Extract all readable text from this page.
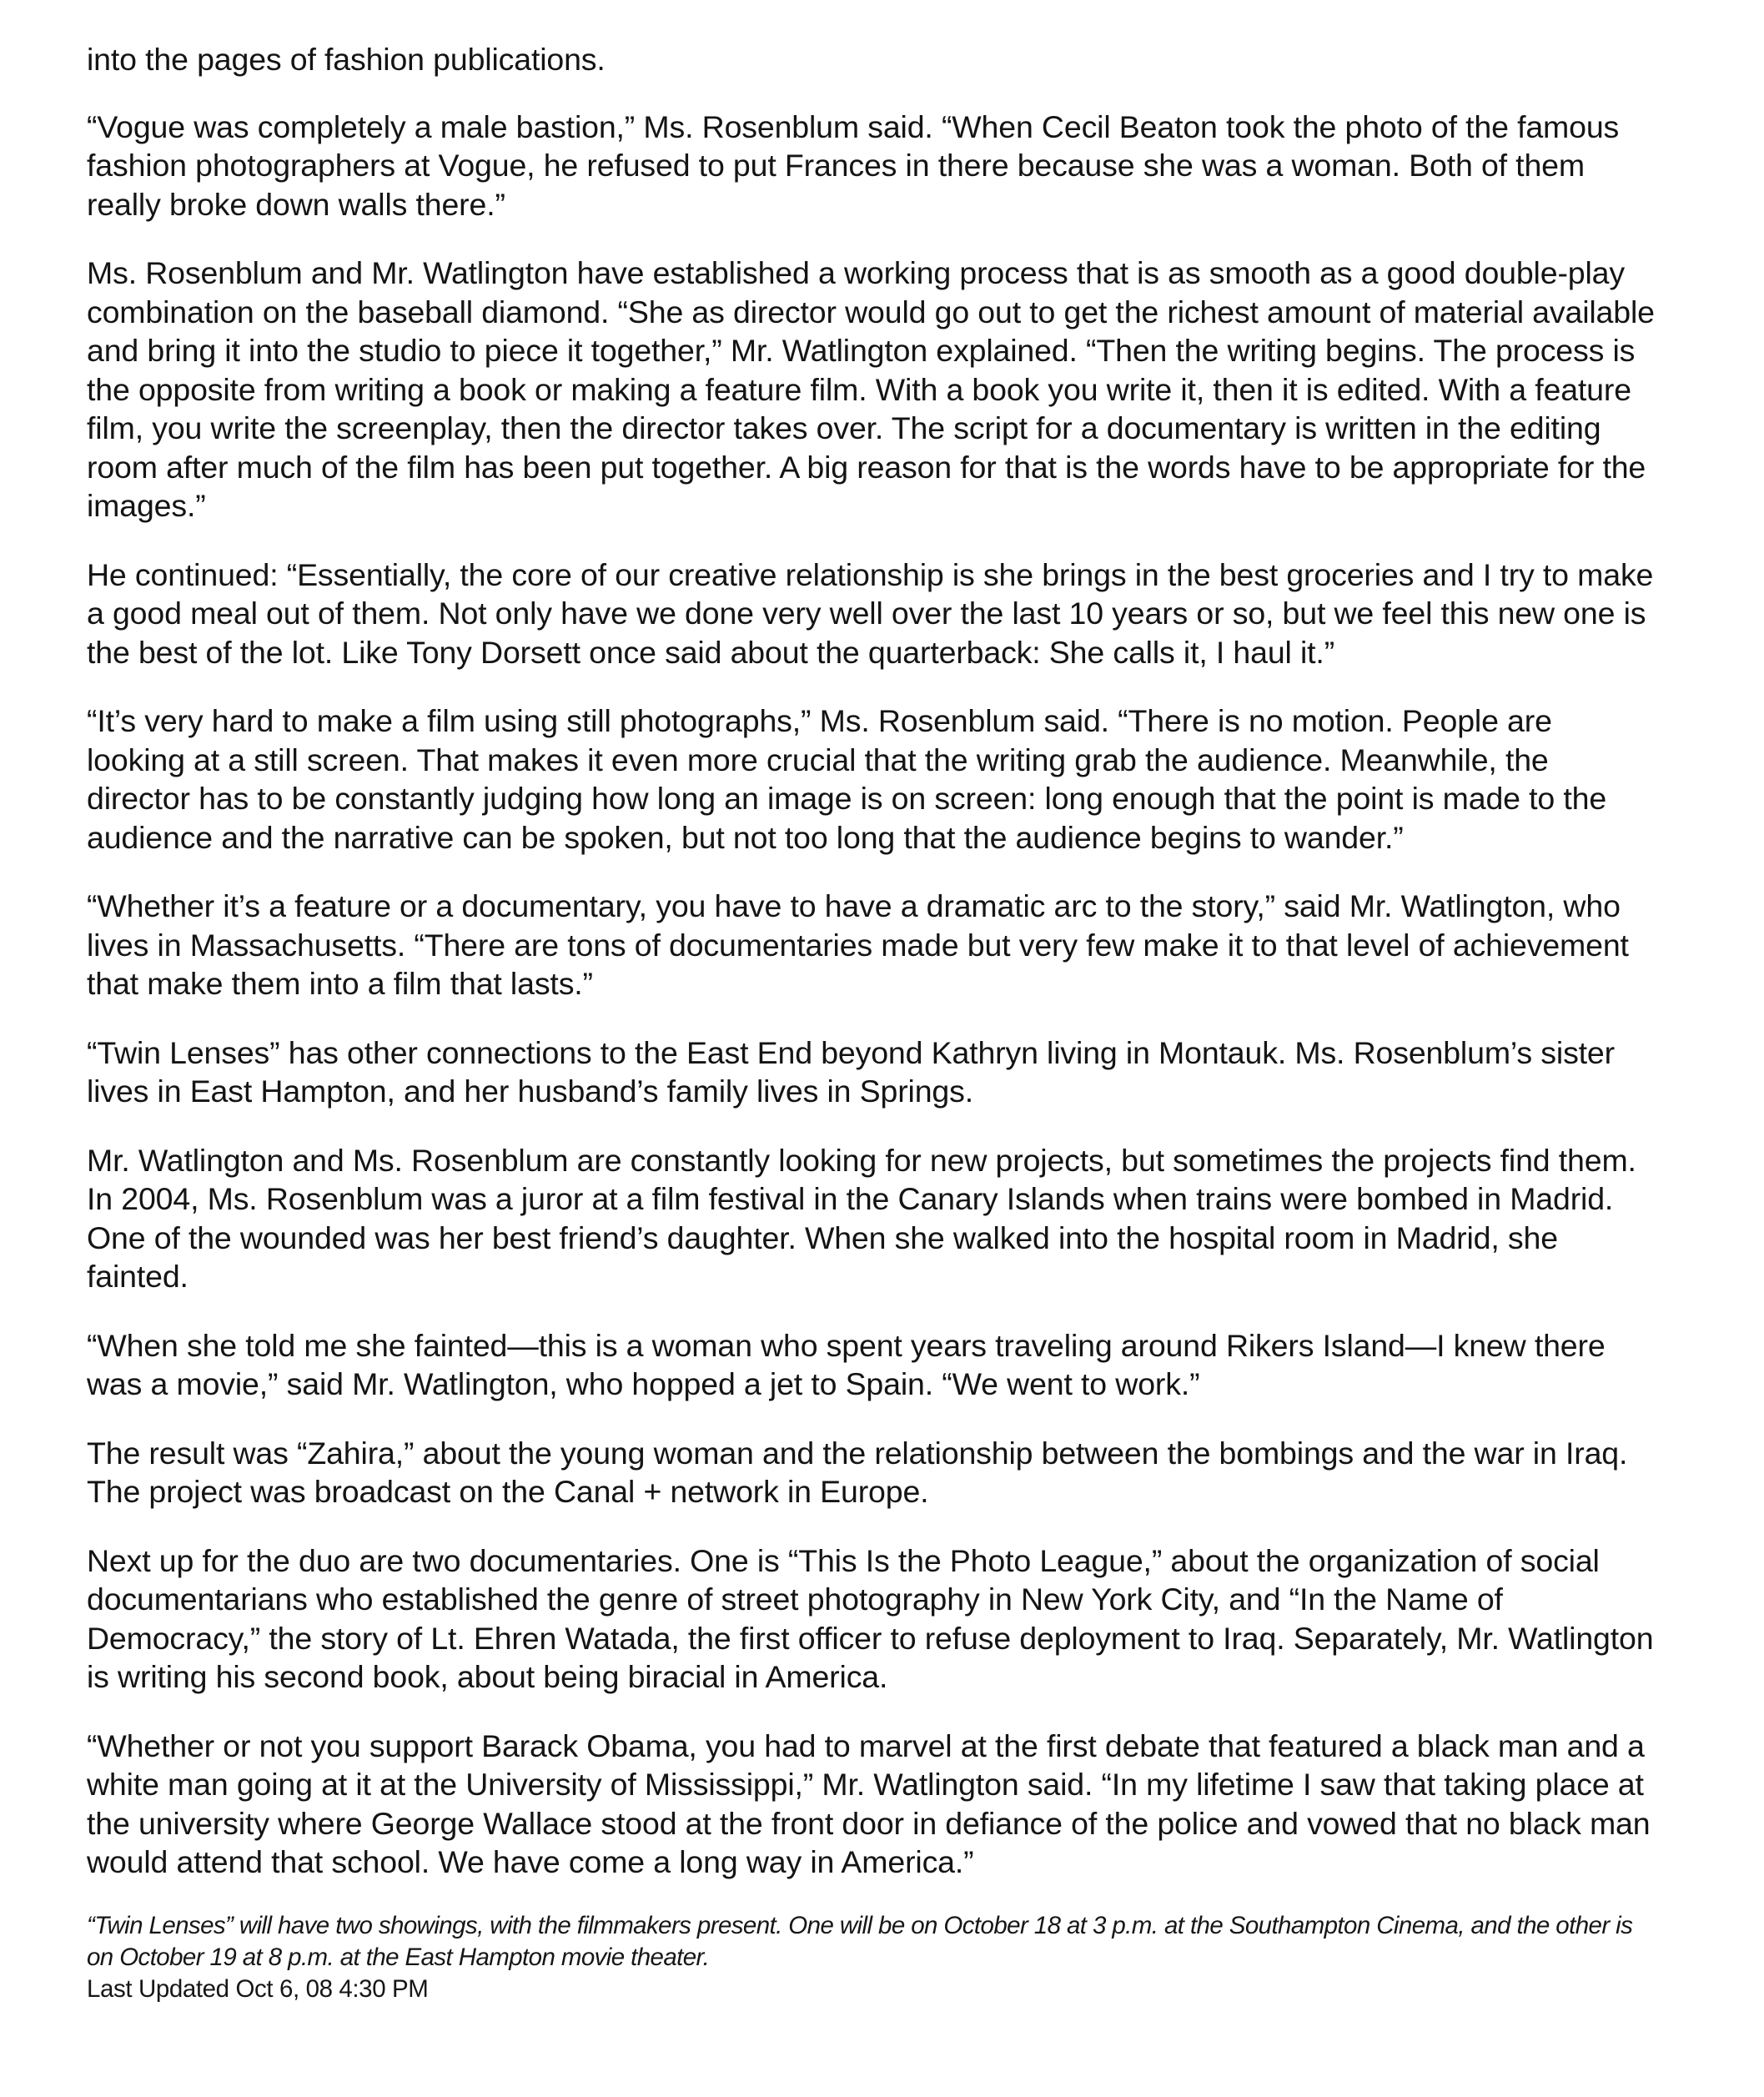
into the pages of fashion publications.

“Vogue was completely a male bastion,” Ms. Rosenblum said. “When Cecil Beaton took the photo of the famous fashion photographers at Vogue, he refused to put Frances in there because she was a woman. Both of them really broke down walls there.”

Ms. Rosenblum and Mr. Watlington have established a working process that is as smooth as a good double-play combination on the baseball diamond. “She as director would go out to get the richest amount of material available and bring it into the studio to piece it together,” Mr. Watlington explained. “Then the writing begins. The process is the opposite from writing a book or making a feature film. With a book you write it, then it is edited. With a feature film, you write the screenplay, then the director takes over. The script for a documentary is written in the editing room after much of the film has been put together. A big reason for that is the words have to be appropriate for the images.”

He continued: “Essentially, the core of our creative relationship is she brings in the best groceries and I try to make a good meal out of them. Not only have we done very well over the last 10 years or so, but we feel this new one is the best of the lot. Like Tony Dorsett once said about the quarterback: She calls it, I haul it.”

“It’s very hard to make a film using still photographs,” Ms. Rosenblum said. “There is no motion. People are looking at a still screen. That makes it even more crucial that the writing grab the audience. Meanwhile, the director has to be constantly judging how long an image is on screen: long enough that the point is made to the audience and the narrative can be spoken, but not too long that the audience begins to wander.”

“Whether it’s a feature or a documentary, you have to have a dramatic arc to the story,” said Mr. Watlington, who lives in Massachusetts. “There are tons of documentaries made but very few make it to that level of achievement that make them into a film that lasts.”

“Twin Lenses” has other connections to the East End beyond Kathryn living in Montauk. Ms. Rosenblum’s sister lives in East Hampton, and her husband’s family lives in Springs.

Mr. Watlington and Ms. Rosenblum are constantly looking for new projects, but sometimes the projects find them. In 2004, Ms. Rosenblum was a juror at a film festival in the Canary Islands when trains were bombed in Madrid. One of the wounded was her best friend’s daughter. When she walked into the hospital room in Madrid, she fainted.

“When she told me she fainted—this is a woman who spent years traveling around Rikers Island—I knew there was a movie,” said Mr. Watlington, who hopped a jet to Spain. “We went to work.”

The result was “Zahira,” about the young woman and the relationship between the bombings and the war in Iraq. The project was broadcast on the Canal + network in Europe.

Next up for the duo are two documentaries. One is “This Is the Photo League,” about the organization of social documentarians who established the genre of street photography in New York City, and “In the Name of Democracy,” the story of Lt. Ehren Watada, the first officer to refuse deployment to Iraq. Separately, Mr. Watlington is writing his second book, about being biracial in America.

“Whether or not you support Barack Obama, you had to marvel at the first debate that featured a black man and a white man going at it at the University of Mississippi,” Mr. Watlington said. “In my lifetime I saw that taking place at the university where George Wallace stood at the front door in defiance of the police and vowed that no black man would attend that school. We have come a long way in America.”

“Twin Lenses” will have two showings, with the filmmakers present. One will be on October 18 at 3 p.m. at the Southampton Cinema, and the other is on October 19 at 8 p.m. at the East Hampton movie theater.

Last Updated Oct 6, 08 4:30 PM
